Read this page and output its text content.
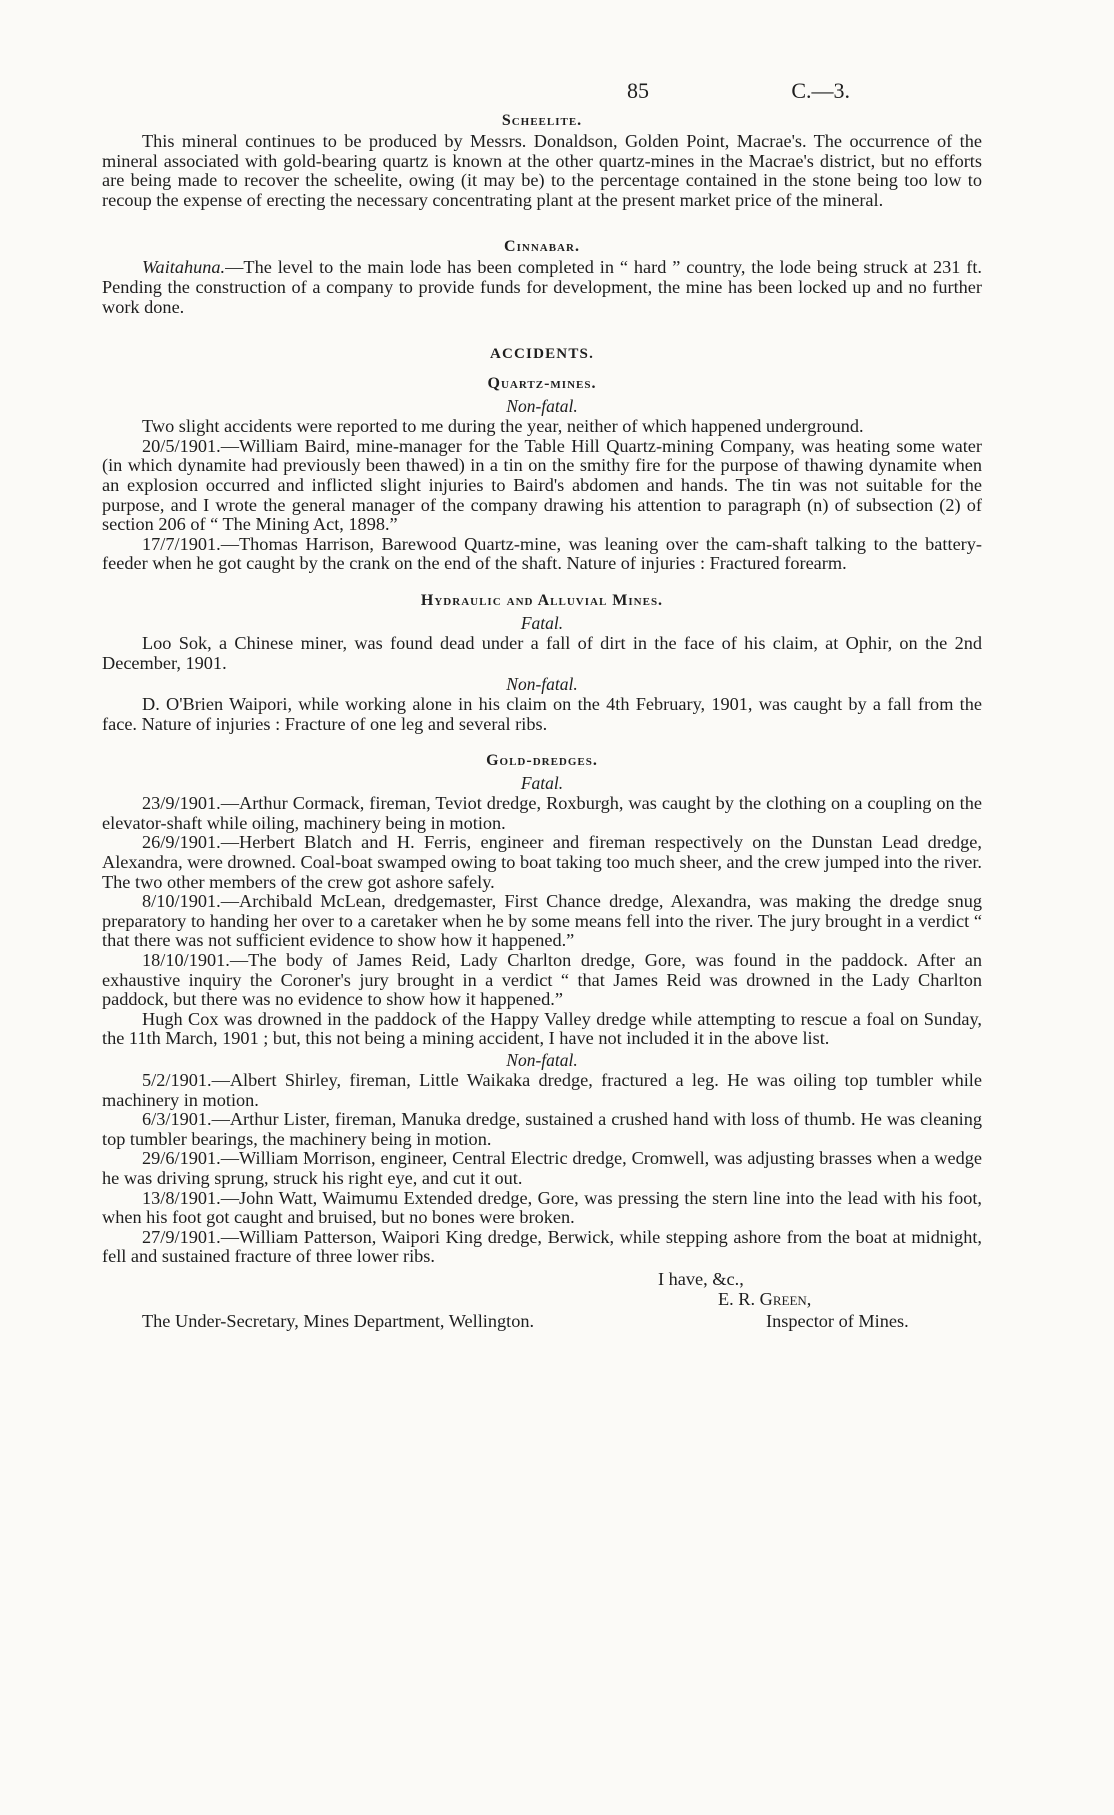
85	C.—3.
Scheelite.

This mineral continues to be produced by Messrs. Donaldson, Golden Point, Macrae's. The occurrence of the mineral associated with gold-bearing quartz is known at the other quartz-mines in the Macrae's district, but no efforts are being made to recover the scheelite, owing (it may be) to the percentage contained in the stone being too low to recoup the expense of erecting the necessary concentrating plant at the present market price of the mineral.

Cinnabar.

Waitahuna.—The level to the main lode has been completed in “ hard ” country, the lode being struck at 231 ft. Pending the construction of a company to provide funds for development, the mine has been locked up and no further work done.

ACCIDENTS.
Quartz-mines.
Non-fatal.

Two slight accidents were reported to me during the year, neither of which happened underground.

20/5/1901.—William Baird, mine-manager for the Table Hill Quartz-mining Company, was heating some water (in which dynamite had previously been thawed) in a tin on the smithy fire for the purpose of thawing dynamite when an explosion occurred and inflicted slight injuries to Baird's abdomen and hands. The tin was not suitable for the purpose, and I wrote the general manager of the company drawing his attention to paragraph (n) of subsection (2) of section 206 of “ The Mining Act, 1898.”

17/7/1901.—Thomas Harrison, Barewood Quartz-mine, was leaning over the cam-shaft talking to the battery-feeder when he got caught by the crank on the end of the shaft. Nature of injuries : Fractured forearm.

Hydraulic and Alluvial Mines.
Fatal.

Loo Sok, a Chinese miner, was found dead under a fall of dirt in the face of his claim, at Ophir, on the 2nd December, 1901.

Non-fatal.

D. O'Brien Waipori, while working alone in his claim on the 4th February, 1901, was caught by a fall from the face. Nature of injuries : Fracture of one leg and several ribs.

Gold-dredges.
Fatal.

23/9/1901.—Arthur Cormack, fireman, Teviot dredge, Roxburgh, was caught by the clothing on a coupling on the elevator-shaft while oiling, machinery being in motion.

26/9/1901.—Herbert Blatch and H. Ferris, engineer and fireman respectively on the Dunstan Lead dredge, Alexandra, were drowned. Coal-boat swamped owing to boat taking too much sheer, and the crew jumped into the river. The two other members of the crew got ashore safely.

8/10/1901.—Archibald McLean, dredgemaster, First Chance dredge, Alexandra, was making the dredge snug preparatory to handing her over to a caretaker when he by some means fell into the river. The jury brought in a verdict “ that there was not sufficient evidence to show how it happened.”

18/10/1901.—The body of James Reid, Lady Charlton dredge, Gore, was found in the paddock. After an exhaustive inquiry the Coroner's jury brought in a verdict “ that James Reid was drowned in the Lady Charlton paddock, but there was no evidence to show how it happened.”

Hugh Cox was drowned in the paddock of the Happy Valley dredge while attempting to rescue a foal on Sunday, the 11th March, 1901 ; but, this not being a mining accident, I have not included it in the above list.

Non-fatal.

5/2/1901.—Albert Shirley, fireman, Little Waikaka dredge, fractured a leg. He was oiling top tumbler while machinery in motion.

6/3/1901.—Arthur Lister, fireman, Manuka dredge, sustained a crushed hand with loss of thumb. He was cleaning top tumbler bearings, the machinery being in motion.

29/6/1901.—William Morrison, engineer, Central Electric dredge, Cromwell, was adjusting brasses when a wedge he was driving sprung, struck his right eye, and cut it out.

13/8/1901.—John Watt, Waimumu Extended dredge, Gore, was pressing the stern line into the lead with his foot, when his foot got caught and bruised, but no bones were broken.

27/9/1901.—William Patterson, Waipori King dredge, Berwick, while stepping ashore from the boat at midnight, fell and sustained fracture of three lower ribs.

I have, &c.,
E. R. Green,
The Under-Secretary, Mines Department, Wellington.	Inspector of Mines.
